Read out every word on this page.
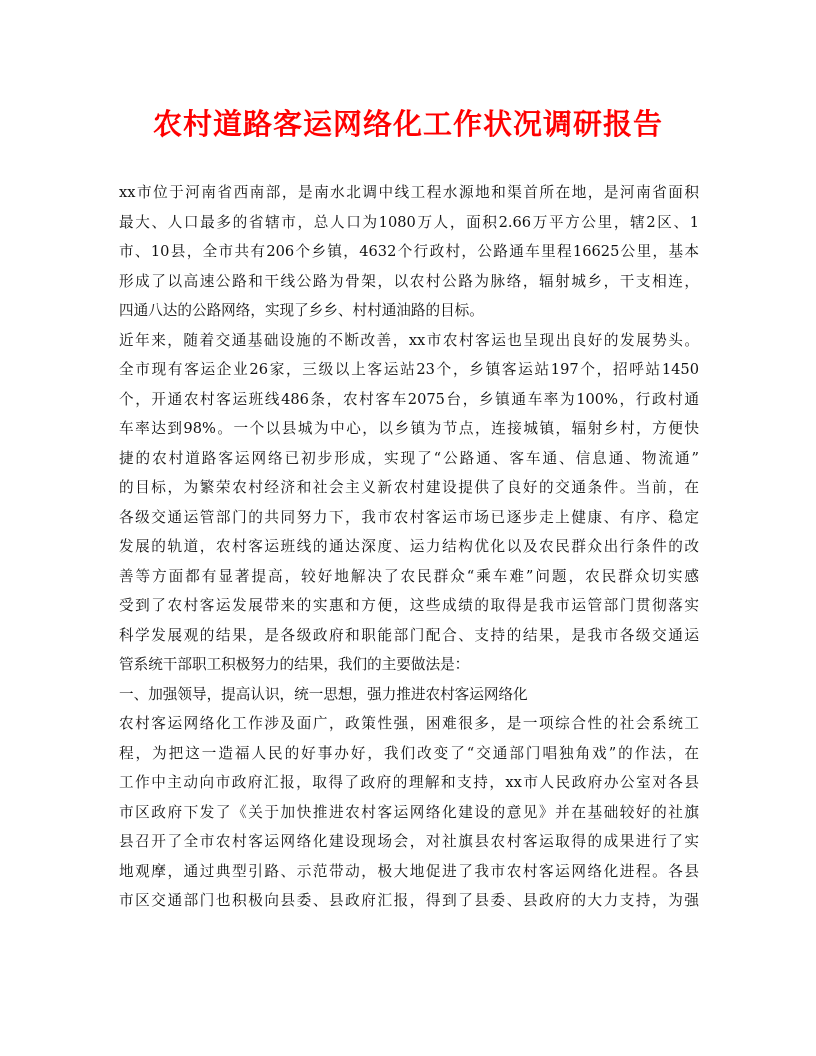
农村道路客运网络化工作状况调研报告
xx市位于河南省西南部，是南水北调中线工程水源地和渠首所在地，是河南省面积
最大、人口最多的省辖市，总人口为1080万人，面积2.66万平方公里，辖2区、1
市、10县，全市共有206个乡镇，4632个行政村，公路通车里程16625公里，基本
形成了以高速公路和干线公路为骨架，以农村公路为脉络，辐射城乡，干支相连，
四通八达的公路网络，实现了乡乡、村村通油路的目标。
近年来，随着交通基础设施的不断改善，xx市农村客运也呈现出良好的发展势头。
全市现有客运企业26家，三级以上客运站23个，乡镇客运站197个，招呼站1450
个，开通农村客运班线486条，农村客车2075台，乡镇通车率为100%，行政村通
车率达到98%。一个以县城为中心，以乡镇为节点，连接城镇，辐射乡村，方便快
捷的农村道路客运网络已初步形成，实现了“公路通、客车通、信息通、物流通”
的目标，为繁荣农村经济和社会主义新农村建设提供了良好的交通条件。当前，在
各级交通运管部门的共同努力下，我市农村客运市场已逐步走上健康、有序、稳定
发展的轨道，农村客运班线的通达深度、运力结构优化以及农民群众出行条件的改
善等方面都有显著提高，较好地解决了农民群众“乘车难”问题，农民群众切实感
受到了农村客运发展带来的实惠和方便，这些成绩的取得是我市运管部门贯彻落实
科学发展观的结果，是各级政府和职能部门配合、支持的结果，是我市各级交通运
管系统干部职工积极努力的结果，我们的主要做法是：
一、加强领导，提高认识，统一思想，强力推进农村客运网络化
农村客运网络化工作涉及面广，政策性强，困难很多，是一项综合性的社会系统工
程，为把这一造福人民的好事办好，我们改变了“交通部门唱独角戏”的作法，在
工作中主动向市政府汇报，取得了政府的理解和支持，xx市人民政府办公室对各县
市区政府下发了《关于加快推进农村客运网络化建设的意见》并在基础较好的社旗
县召开了全市农村客运网络化建设现场会，对社旗县农村客运取得的成果进行了实
地观摩，通过典型引路、示范带动，极大地促进了我市农村客运网络化进程。各县
市区交通部门也积极向县委、县政府汇报，得到了县委、县政府的大力支持，为强
